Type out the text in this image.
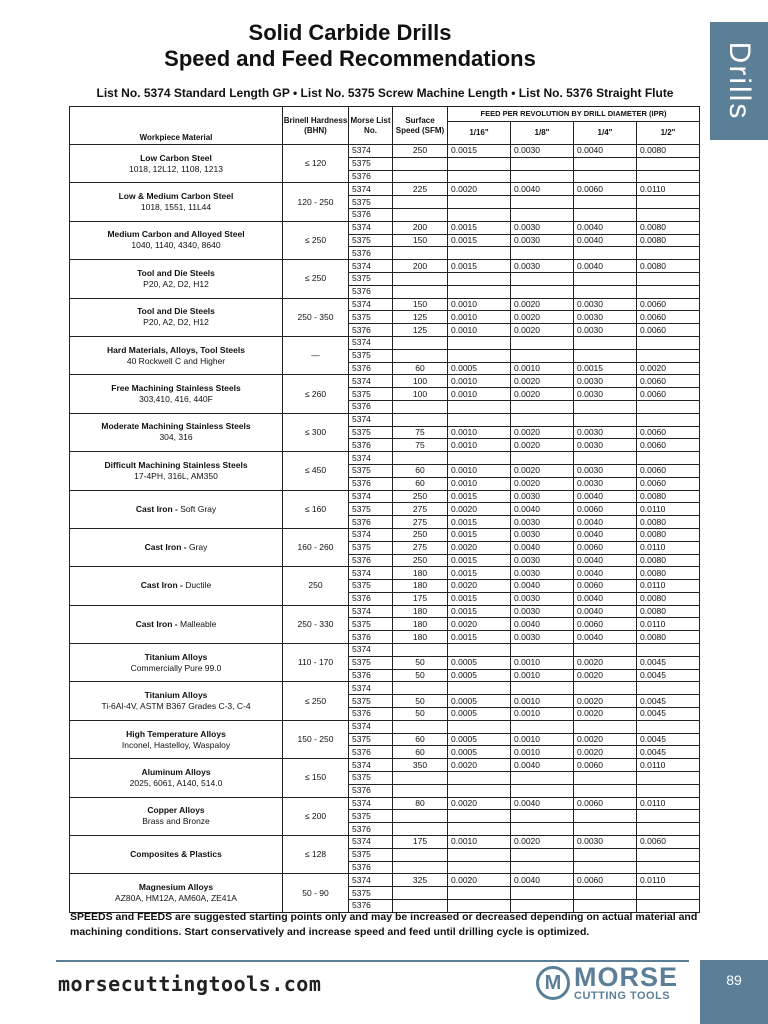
Solid Carbide Drills
Speed and Feed Recommendations	Drills
List No. 5374 Standard Length GP • List No. 5375 Screw Machine Length • List No. 5376 Straight Flute
Workpiece Material	Brinell Hardness (BHN)	Morse List No.	Surface Speed (SFM)	FEED PER REVOLUTION BY DRILL DIAMETER (IPR)			
				1/16"	1/8"	1/4"	1/2"

Low Carbon Steel
1018, 12L12, 1108, 1213	≤ 120	5374	250	0.0015	0.0030	0.0040	0.0080
		5375					
		5376					

Low & Medium Carbon Steel
1018, 1551, 11L44	120 - 250	5374	225	0.0020	0.0040	0.0060	0.0110
		5375					
		5376					

Medium Carbon and Alloyed Steel
1040, 1140, 4340, 8640	≤ 250	5374	200	0.0015	0.0030	0.0040	0.0080
		5375	150	0.0015	0.0030	0.0040	0.0080
		5376					

Tool and Die Steels
P20, A2, D2, H12	≤ 250	5374	200	0.0015	0.0030	0.0040	0.0080
		5375					
		5376					

Tool and Die Steels
P20, A2, D2, H12	250 - 350	5374	150	0.0010	0.0020	0.0030	0.0060
		5375	125	0.0010	0.0020	0.0030	0.0060
		5376	125	0.0010	0.0020	0.0030	0.0060

Hard Materials, Alloys, Tool Steels
40 Rockwell C and Higher	—	5374					
		5375					
		5376	60	0.0005	0.0010	0.0015	0.0020

Free Machining Stainless Steels
303,410, 416, 440F	≤ 260	5374	100	0.0010	0.0020	0.0030	0.0060
		5375	100	0.0010	0.0020	0.0030	0.0060
		5376					

Moderate Machining Stainless Steels
304, 316	≤ 300	5374					
		5375	75	0.0010	0.0020	0.0030	0.0060
		5376	75	0.0010	0.0020	0.0030	0.0060

Difficult Machining Stainless Steels
17-4PH, 316L, AM350	≤ 450	5374					
		5375	60	0.0010	0.0020	0.0030	0.0060
		5376	60	0.0010	0.0020	0.0030	0.0060

Cast Iron - Soft Gray	≤ 160	5374	250	0.0015	0.0030	0.0040	0.0080
		5375	275	0.0020	0.0040	0.0060	0.0110
		5376	275	0.0015	0.0030	0.0040	0.0080

Cast Iron - Gray	160 - 260	5374	250	0.0015	0.0030	0.0040	0.0080
		5375	275	0.0020	0.0040	0.0060	0.0110
		5376	250	0.0015	0.0030	0.0040	0.0080

Cast Iron - Ductile	250	5374	180	0.0015	0.0030	0.0040	0.0080
		5375	180	0.0020	0.0040	0.0060	0.0110
		5376	175	0.0015	0.0030	0.0040	0.0080

Cast Iron - Malleable	250 - 330	5374	180	0.0015	0.0030	0.0040	0.0080
		5375	180	0.0020	0.0040	0.0060	0.0110
		5376	180	0.0015	0.0030	0.0040	0.0080

Titanium Alloys
Commercially Pure 99.0	110 - 170	5374					
		5375	50	0.0005	0.0010	0.0020	0.0045
		5376	50	0.0005	0.0010	0.0020	0.0045

Titanium Alloys
Ti-6Al-4V, ASTM B367 Grades C-3, C-4	≤ 250	5374					
		5375	50	0.0005	0.0010	0.0020	0.0045
		5376	50	0.0005	0.0010	0.0020	0.0045

High Temperature Alloys
Inconel, Hastelloy, Waspaloy	150 - 250	5374					
		5375	60	0.0005	0.0010	0.0020	0.0045
		5376	60	0.0005	0.0010	0.0020	0.0045

Aluminum Alloys
2025, 6061, A140, 514.0	≤ 150	5374	350	0.0020	0.0040	0.0060	0.0110
		5375					
		5376					

Copper Alloys
Brass and Bronze	≤ 200	5374	80	0.0020	0.0040	0.0060	0.0110
		5375					
		5376					

Composites & Plastics	≤ 128	5374	175	0.0010	0.0020	0.0030	0.0060
		5375					
		5376					

Magnesium Alloys
AZ80A, HM12A, AM60A, ZE41A	50 - 90	5374	325	0.0020	0.0040	0.0060	0.0110
		5375					
		5376					
SPEEDS and FEEDS are suggested starting points only and may be increased or decreased depending on actual material and machining conditions. Start conservatively and increase speed and feed until drilling cycle is optimized.
morsecuttingtools.com	M MORSE
CUTTING TOOLS
89
